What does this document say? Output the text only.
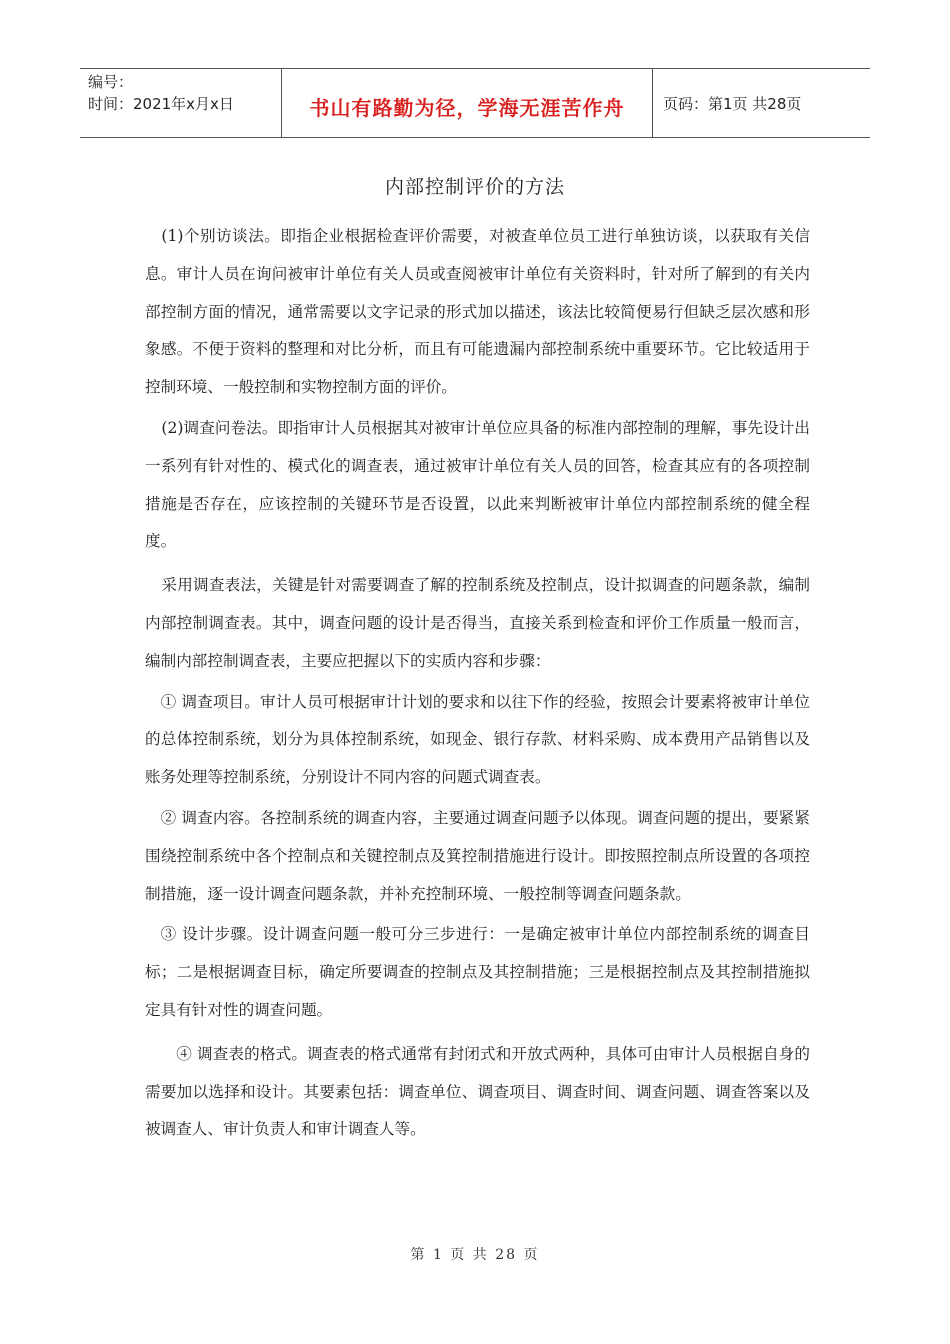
编号：
时间：2021年x月x日	书山有路勤为径，学海无涯苦作舟	页码：第1页 共28页
内部控制评价的方法

(1)个别访谈法。即指企业根据检查评价需要，对被查单位员工进行单独访谈，以获取有关信息。审计人员在询问被审计单位有关人员或查阅被审计单位有关资料时，针对所了解到的有关内部控制方面的情况，通常需要以文字记录的形式加以描述，该法比较简便易行但缺乏层次感和形象感。不便于资料的整理和对比分析，而且有可能遗漏内部控制系统中重要环节。它比较适用于控制环境、一般控制和实物控制方面的评价。

(2)调查问卷法。即指审计人员根据其对被审计单位应具备的标准内部控制的理解，事先设计出一系列有针对性的、模式化的调查表，通过被审计单位有关人员的回答，检查其应有的各项控制措施是否存在，应该控制的关键环节是否设置，以此来判断被审计单位内部控制系统的健全程度。

采用调查表法，关键是针对需要调查了解的控制系统及控制点，设计拟调查的问题条款，编制内部控制调查表。其中，调查问题的设计是否得当，直接关系到检查和评价工作质量一般而言，编制内部控制调查表，主要应把握以下的实质内容和步骤：

① 调查项目。审计人员可根据审计计划的要求和以往下作的经验，按照会计要素将被审计单位的总体控制系统，划分为具体控制系统，如现金、银行存款、材料采购、成本费用产品销售以及账务处理等控制系统，分别设计不同内容的问题式调查表。

② 调查内容。各控制系统的调查内容，主要通过调查问题予以体现。调查问题的提出，要紧紧围绕控制系统中各个控制点和关键控制点及箕控制措施进行设计。即按照控制点所设置的各项控制措施，逐一设计调查问题条款，并补充控制环境、一般控制等调查问题条款。

③ 设计步骤。设计调查问题一般可分三步进行：一是确定被审计单位内部控制系统的调查目标；二是根据调查目标，确定所要调查的控制点及其控制措施；三是根据控制点及其控制措施拟定具有针对性的调查问题。

④ 调查表的格式。调查表的格式通常有封闭式和开放式两种，具体可由审计人员根据自身的需要加以选择和设计。其要素包括：调查单位、调查项目、调查时间、调查问题、调查答案以及被调查人、审计负责人和审计调查人等。

第 1 页 共 28 页
